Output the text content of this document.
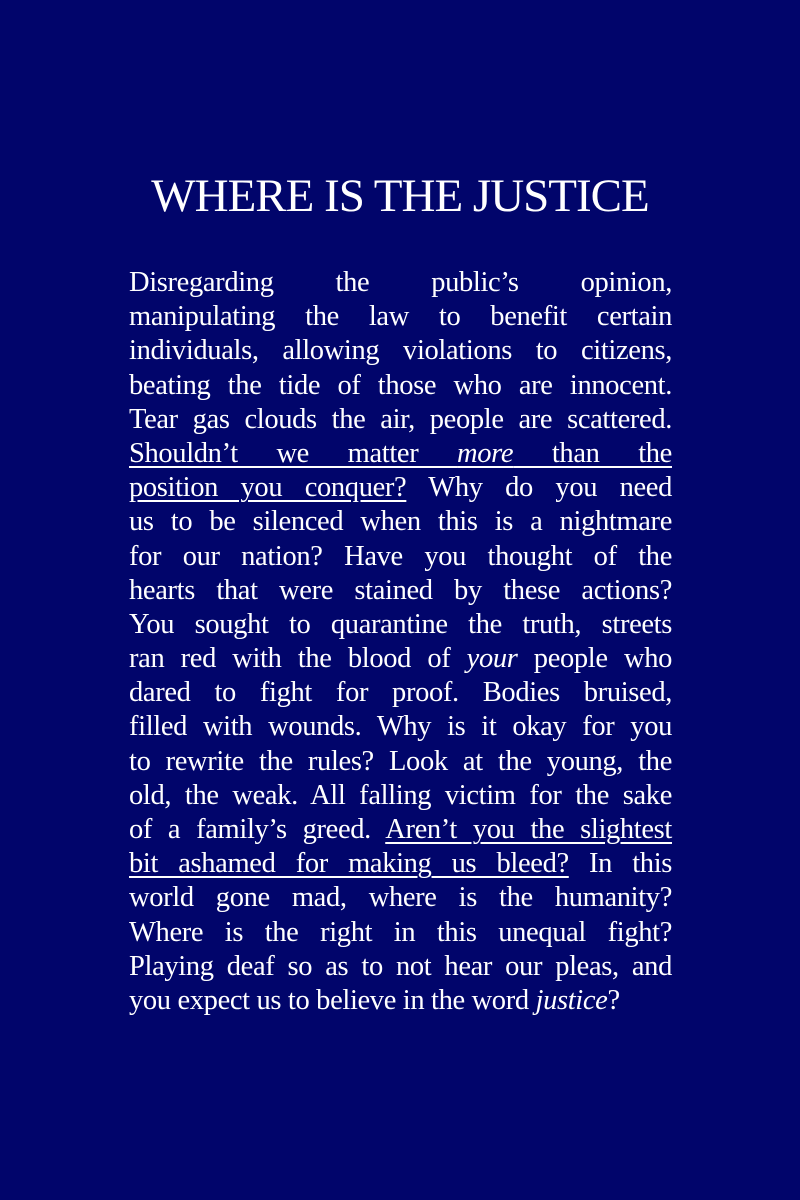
WHERE IS THE JUSTICE
Disregarding the public’s opinion,
manipulating the law to benefit certain
individuals, allowing violations to citizens,
beating the tide of those who are innocent.
Tear gas clouds the air, people are scattered.
Shouldn’t we matter more than the
position you conquer? Why do you need
us to be silenced when this is a nightmare
for our nation? Have you thought of the
hearts that were stained by these actions?
You sought to quarantine the truth, streets
ran red with the blood of your people who
dared to fight for proof. Bodies bruised,
filled with wounds. Why is it okay for you
to rewrite the rules? Look at the young, the
old, the weak. All falling victim for the sake
of a family’s greed. Aren’t you the slightest
bit ashamed for making us bleed? In this
world gone mad, where is the humanity?
Where is the right in this unequal fight?
Playing deaf so as to not hear our pleas, and
you expect us to believe in the word justice?
